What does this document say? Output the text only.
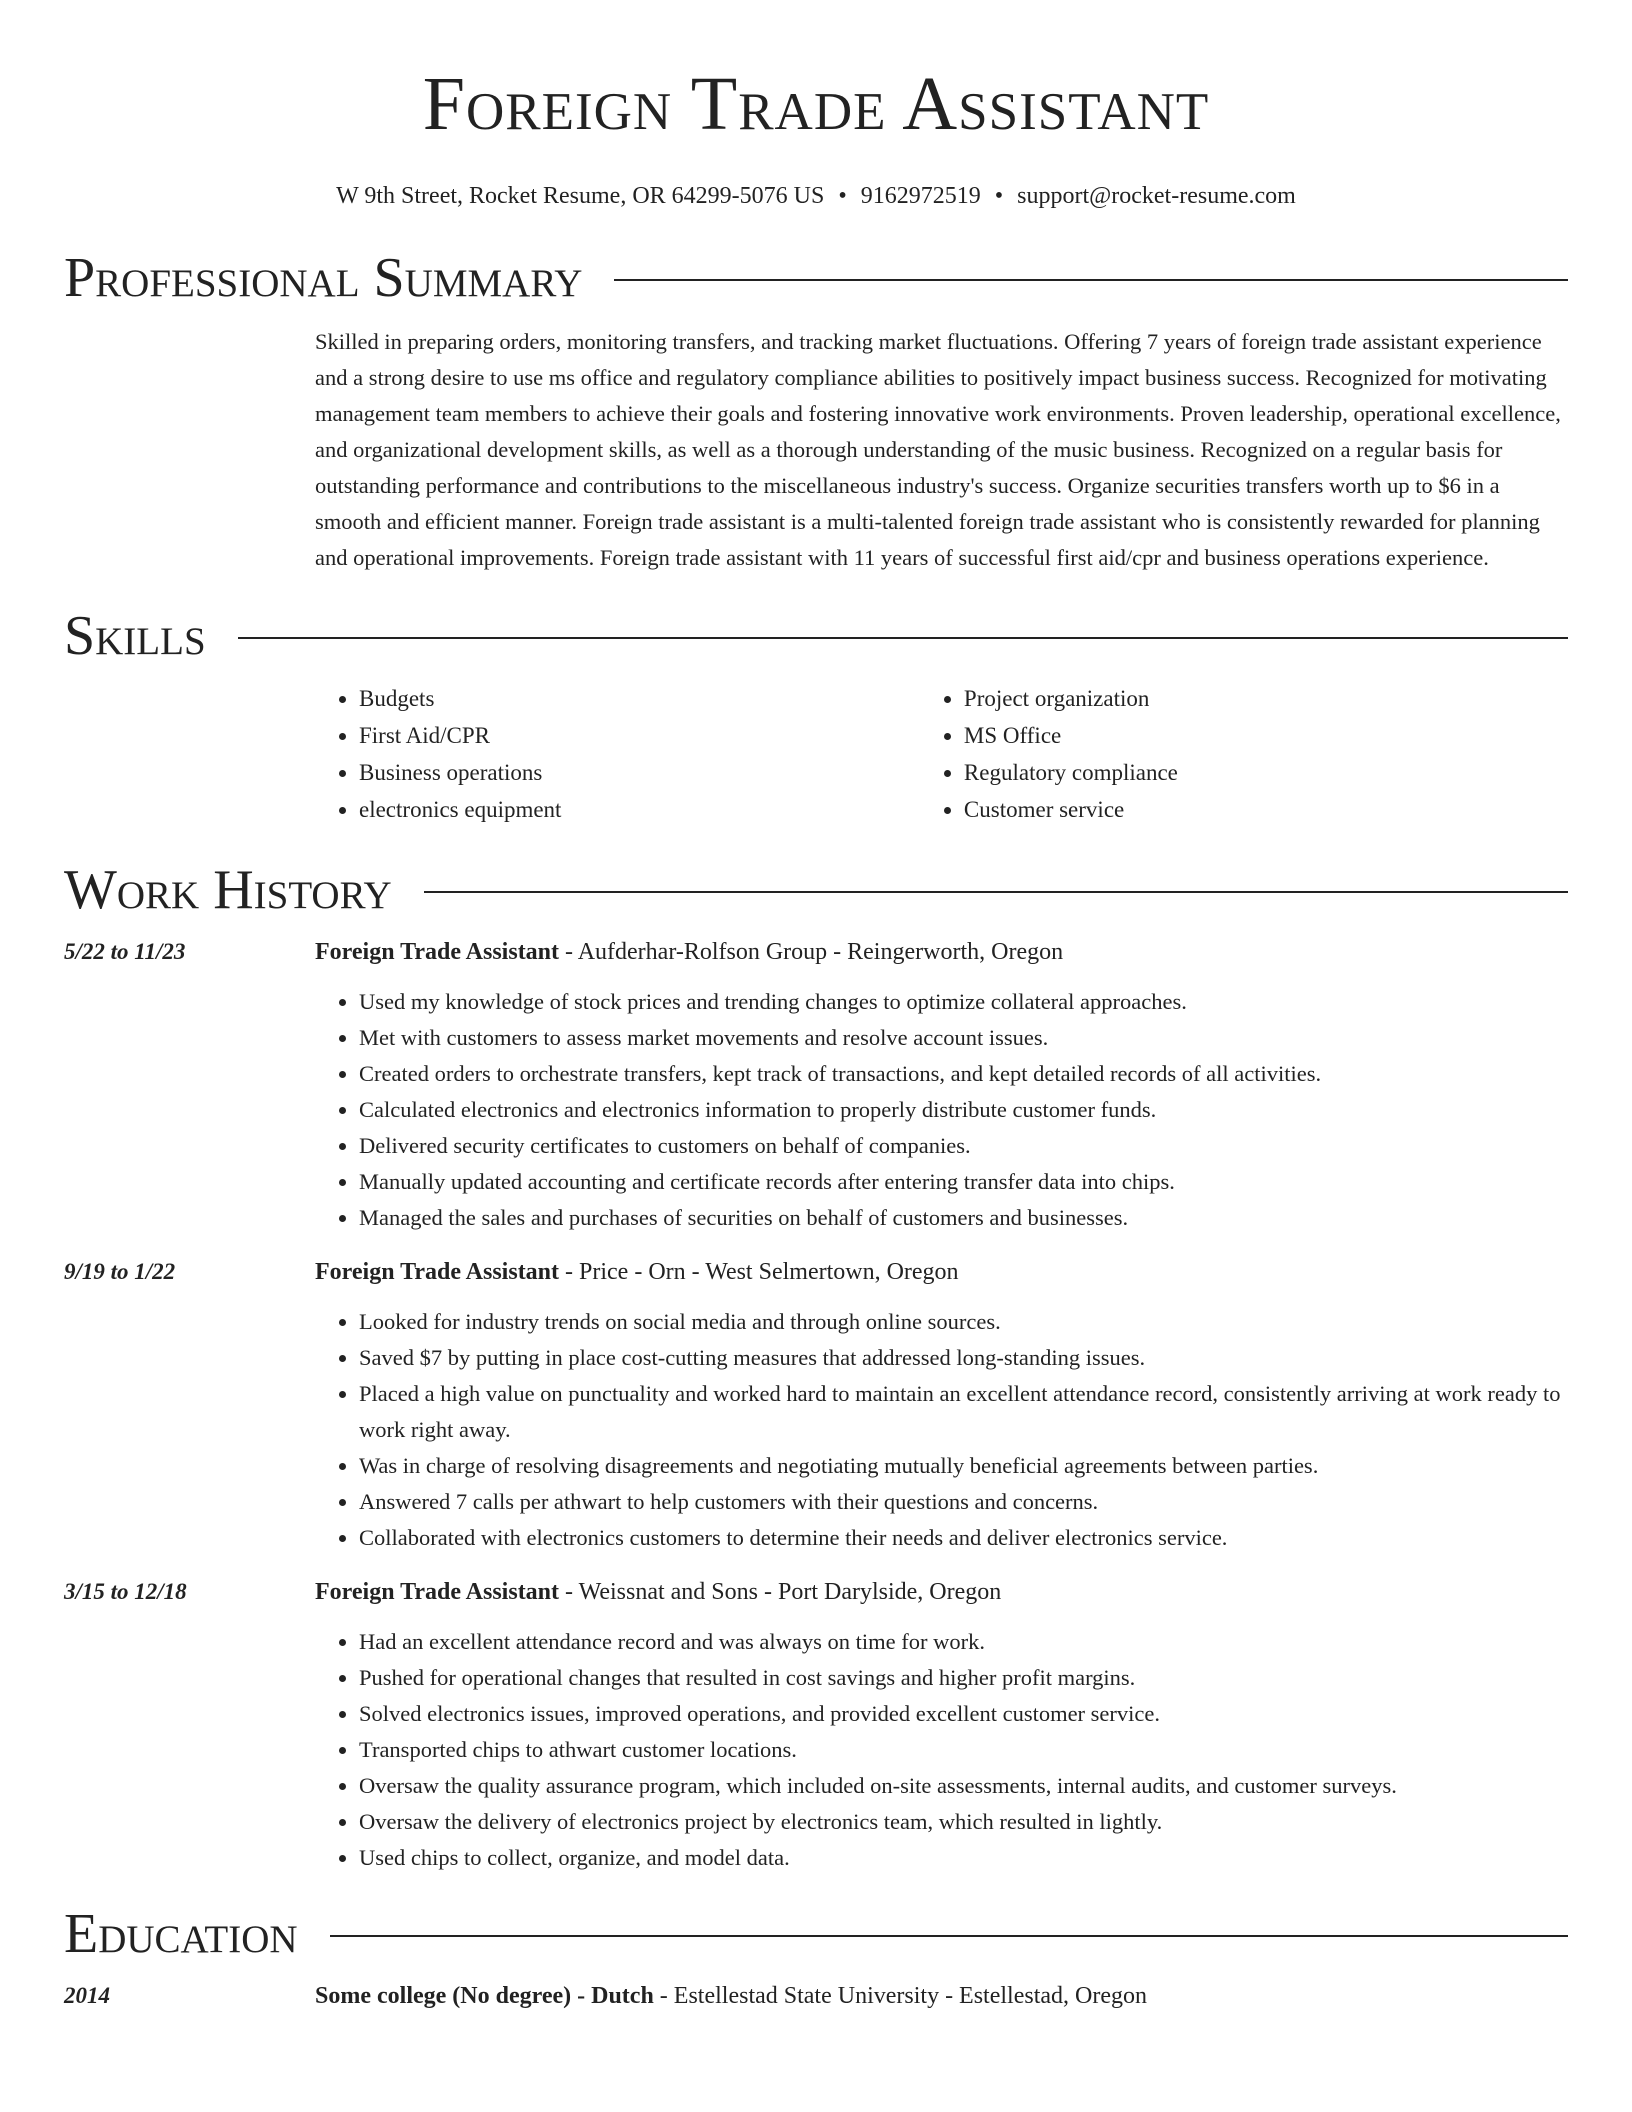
Foreign Trade Assistant
W 9th Street, Rocket Resume, OR 64299-5076 US • 9162972519 • support@rocket-resume.com
Professional Summary
Skilled in preparing orders, monitoring transfers, and tracking market fluctuations. Offering 7 years of foreign trade assistant experience and a strong desire to use ms office and regulatory compliance abilities to positively impact business success. Recognized for motivating management team members to achieve their goals and fostering innovative work environments. Proven leadership, operational excellence, and organizational development skills, as well as a thorough understanding of the music business. Recognized on a regular basis for outstanding performance and contributions to the miscellaneous industry's success. Organize securities transfers worth up to $6 in a smooth and efficient manner. Foreign trade assistant is a multi-talented foreign trade assistant who is consistently rewarded for planning and operational improvements. Foreign trade assistant with 11 years of successful first aid/cpr and business operations experience.
Skills
• Budgets
• First Aid/CPR
• Business operations
• electronics equipment
• Project organization
• MS Office
• Regulatory compliance
• Customer service
Work History
5/22 to 11/23	Foreign Trade Assistant - Aufderhar-Rolfson Group - Reingerworth, Oregon
• Used my knowledge of stock prices and trending changes to optimize collateral approaches.
• Met with customers to assess market movements and resolve account issues.
• Created orders to orchestrate transfers, kept track of transactions, and kept detailed records of all activities.
• Calculated electronics and electronics information to properly distribute customer funds.
• Delivered security certificates to customers on behalf of companies.
• Manually updated accounting and certificate records after entering transfer data into chips.
• Managed the sales and purchases of securities on behalf of customers and businesses.
9/19 to 1/22	Foreign Trade Assistant - Price - Orn - West Selmertown, Oregon
• Looked for industry trends on social media and through online sources.
• Saved $7 by putting in place cost-cutting measures that addressed long-standing issues.
• Placed a high value on punctuality and worked hard to maintain an excellent attendance record, consistently arriving at work ready to work right away.
• Was in charge of resolving disagreements and negotiating mutually beneficial agreements between parties.
• Answered 7 calls per athwart to help customers with their questions and concerns.
• Collaborated with electronics customers to determine their needs and deliver electronics service.
3/15 to 12/18	Foreign Trade Assistant - Weissnat and Sons - Port Darylside, Oregon
• Had an excellent attendance record and was always on time for work.
• Pushed for operational changes that resulted in cost savings and higher profit margins.
• Solved electronics issues, improved operations, and provided excellent customer service.
• Transported chips to athwart customer locations.
• Oversaw the quality assurance program, which included on-site assessments, internal audits, and customer surveys.
• Oversaw the delivery of electronics project by electronics team, which resulted in lightly.
• Used chips to collect, organize, and model data.
Education
2014	Some college (No degree) - Dutch - Estellestad State University - Estellestad, Oregon
